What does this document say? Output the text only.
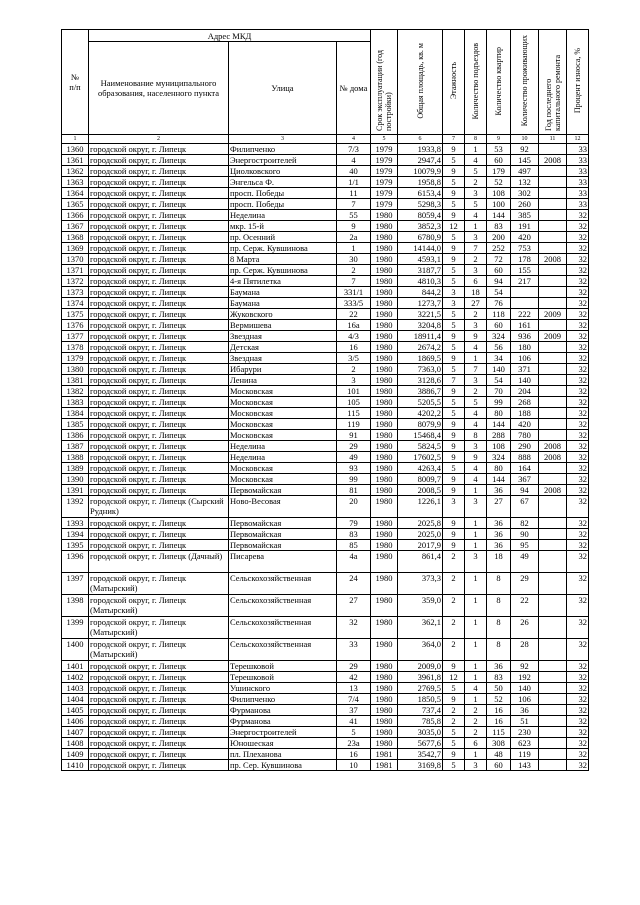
№
п/п	Адрес МКД			Срок эксплуатации (год постройки)	Общая площадь, кв. м	Этажность	Количество подъездов	Количество квартир	Количество проживающих	Год последнего капитального ремонта	Процент износа, %
	Наименование муниципального образования, населенного пункта	Улица	№ дома								
1	2	3	4	5	6	7	8	9	10	11	12
1360	городской округ, г. Липецк	Филипченко	7/3	1979	1933,8	9	1	53	92		33
1361	городской округ, г. Липецк	Энергостроителей	4	1979	2947,4	5	4	60	145	2008	33
1362	городской округ, г. Липецк	Циолковского	40	1979	10079,9	9	5	179	497		33
1363	городской округ, г. Липецк	Энгельса Ф.	1/1	1979	1958,8	5	2	52	132		33
1364	городской округ, г. Липецк	просп. Победы	11	1979	6153,4	9	3	108	302		33
1365	городской округ, г. Липецк	просп. Победы	7	1979	5298,3	5	5	100	260		33
1366	городской округ, г. Липецк	Неделина	55	1980	8059,4	9	4	144	385		32
1367	городской округ, г. Липецк	мкр. 15-й	9	1980	3852,3	12	1	83	191		32
1368	городской округ, г. Липецк	пр. Осенний	2а	1980	6780,9	5	3	200	420		32
1369	городской округ, г. Липецк	пр. Серж. Кувшинова	1	1980	14144,0	9	7	252	753		32
1370	городской округ, г. Липецк	8 Марта	30	1980	4593,1	9	2	72	178	2008	32
1371	городской округ, г. Липецк	пр. Серж. Кувшинова	2	1980	3187,7	5	3	60	155		32
1372	городской округ, г. Липецк	4-я Пятилетка	7	1980	4810,3	5	6	94	217		32
1373	городской округ, г. Липецк	Баумана	331/1	1980	844,2	3	18	54			32
1374	городской округ, г. Липецк	Баумана	333/5	1980	1273,7	3	27	76			32
1375	городской округ, г. Липецк	Жуковского	22	1980	3221,5	5	2	118	222	2009	32
1376	городской округ, г. Липецк	Вермишева	16а	1980	3204,8	5	3	60	161		32
1377	городской округ, г. Липецк	Звездная	4/3	1980	18911,4	9	9	324	936	2009	32
1378	городской округ, г. Липецк	Детская	16	1980	2674,2	5	4	56	180		32
1379	городской округ, г. Липецк	Звездная	3/5	1980	1869,5	9	1	34	106		32
1380	городской округ, г. Липецк	Ибарури	2	1980	7363,0	5	7	140	371		32
1381	городской округ, г. Липецк	Ленина	3	1980	3128,6	7	3	54	140		32
1382	городской округ, г. Липецк	Московская	101	1980	3886,7	9	2	70	204		32
1383	городской округ, г. Липецк	Московская	105	1980	5205,5	5	5	99	268		32
1384	городской округ, г. Липецк	Московская	115	1980	4202,2	5	4	80	188		32
1385	городской округ, г. Липецк	Московская	119	1980	8079,9	9	4	144	420		32
1386	городской округ, г. Липецк	Московская	91	1980	15468,4	9	8	288	780		32
1387	городской округ, г. Липецк	Неделина	29	1980	5824,5	9	3	108	290	2008	32
1388	городской округ, г. Липецк	Неделина	49	1980	17602,5	9	9	324	888	2008	32
1389	городской округ, г. Липецк	Московская	93	1980	4263,4	5	4	80	164		32
1390	городской округ, г. Липецк	Московская	99	1980	8009,7	9	4	144	367		32
1391	городской округ, г. Липецк	Первомайская	81	1980	2008,5	9	1	36	94	2008	32
1392	городской округ, г. Липецк (Сырский Рудник)	Ново-Весовая	20	1980	1226,1	3	3	27	67		32
1393	городской округ, г. Липецк	Первомайская	79	1980	2025,8	9	1	36	82		32
1394	городской округ, г. Липецк	Первомайская	83	1980	2025,0	9	1	36	90		32
1395	городской округ, г. Липецк	Первомайская	85	1980	2017,9	9	1	36	95		32
1396	городской округ, г. Липецк (Дачный)	Писарева	4а	1980	861,4	2	3	18	49		32
1397	городской округ, г. Липецк (Матырский)	Сельскохозяйственная	24	1980	373,3	2	1	8	29		32
1398	городской округ, г. Липецк (Матырский)	Сельскохозяйственная	27	1980	359,0	2	1	8	22		32
1399	городской округ, г. Липецк (Матырский)	Сельскохозяйственная	32	1980	362,1	2	1	8	26		32
1400	городской округ, г. Липецк (Матырский)	Сельскохозяйственная	33	1980	364,0	2	1	8	28		32
1401	городской округ, г. Липецк	Терешковой	29	1980	2009,0	9	1	36	92		32
1402	городской округ, г. Липецк	Терешковой	42	1980	3961,8	12	1	83	192		32
1403	городской округ, г. Липецк	Ушинского	13	1980	2769,5	5	4	50	140		32
1404	городской округ, г. Липецк	Филипченко	7/4	1980	1850,5	9	1	52	106		32
1405	городской округ, г. Липецк	Фурманова	37	1980	737,4	2	2	16	36		32
1406	городской округ, г. Липецк	Фурманова	41	1980	785,8	2	2	16	51		32
1407	городской округ, г. Липецк	Энергостроителей	5	1980	3035,0	5	2	115	230		32
1408	городской округ, г. Липецк	Юношеская	23а	1980	5677,6	5	6	308	623		32
1409	городской округ, г. Липецк	пл. Плеханова	16	1981	3542,7	9	1	48	119		32
1410	городской округ, г. Липецк	пр. Сер. Кувшинова	10	1981	3169,8	5	3	60	143		32
